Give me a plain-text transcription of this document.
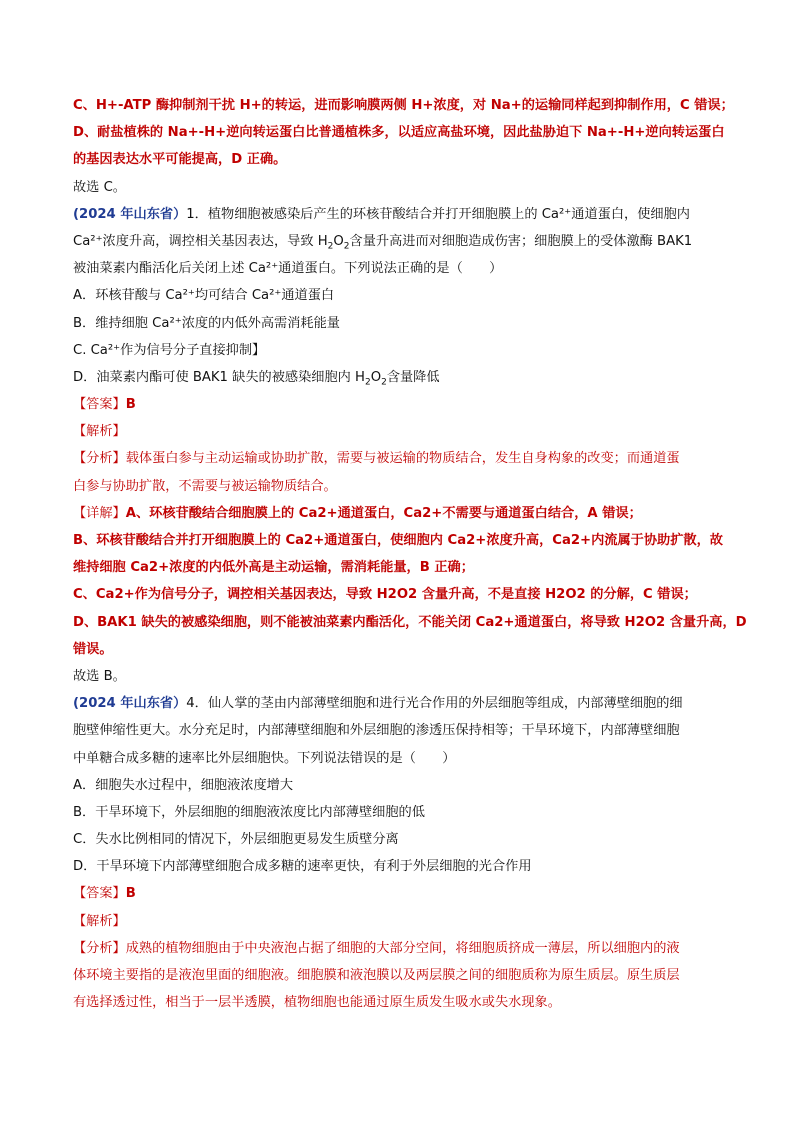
C、H+-ATP 酶抑制剂干扰 H+的转运，进而影响膜两侧 H+浓度，对 Na+的运输同样起到抑制作用，C 错误；
D、耐盐植株的 Na+-H+逆向转运蛋白比普通植株多，以适应高盐环境，因此盐胁迫下 Na+-H+逆向转运蛋白
的基因表达水平可能提高，D 正确。
故选 C。
(2024 年山东省）1．植物细胞被感染后产生的环核苷酸结合并打开细胞膜上的 Ca²⁺通道蛋白，使细胞内
Ca²⁺浓度升高，调控相关基因表达，导致 $H_2O_2$含量升高进而对细胞造成伤害；细胞膜上的受体激酶 BAK1
被油菜素内酯活化后关闭上述 Ca²⁺通道蛋白。下列说法正确的是（　　）
A．环核苷酸与 Ca²⁺均可结合 Ca²⁺通道蛋白
B．维持细胞 Ca²⁺浓度的内低外高需消耗能量
C. Ca²⁺作为信号分子直接抑制】
D．油菜素内酯可使 BAK1 缺失的被感染细胞内 $H_2O_2$含量降低
【答案】B
【解析】
【分析】载体蛋白参与主动运输或协助扩散，需要与被运输的物质结合，发生自身构象的改变；而通道蛋
白参与协助扩散，不需要与被运输物质结合。
【详解】A、环核苷酸结合细胞膜上的 Ca2+通道蛋白，Ca2+不需要与通道蛋白结合，A 错误；
B、环核苷酸结合并打开细胞膜上的 Ca2+通道蛋白，使细胞内 Ca2+浓度升高，Ca2+内流属于协助扩散，故
维持细胞 Ca2+浓度的内低外高是主动运输，需消耗能量，B 正确；
C、Ca2+作为信号分子，调控相关基因表达，导致 H2O2 含量升高，不是直接 H2O2 的分解，C 错误；
D、BAK1 缺失的被感染细胞，则不能被油菜素内酯活化，不能关闭 Ca2+通道蛋白，将导致 H2O2 含量升高，D
错误。
故选 B。
(2024 年山东省）4．仙人掌的茎由内部薄壁细胞和进行光合作用的外层细胞等组成，内部薄壁细胞的细
胞壁伸缩性更大。水分充足时，内部薄壁细胞和外层细胞的渗透压保持相等；干旱环境下，内部薄壁细胞
中单糖合成多糖的速率比外层细胞快。下列说法错误的是（　　）
A．细胞失水过程中，细胞液浓度增大
B．干旱环境下，外层细胞的细胞液浓度比内部薄壁细胞的低
C．失水比例相同的情况下，外层细胞更易发生质壁分离
D．干旱环境下内部薄壁细胞合成多糖的速率更快，有利于外层细胞的光合作用
【答案】B
【解析】
【分析】成熟的植物细胞由于中央液泡占据了细胞的大部分空间，将细胞质挤成一薄层，所以细胞内的液
体环境主要指的是液泡里面的细胞液。细胞膜和液泡膜以及两层膜之间的细胞质称为原生质层。原生质层
有选择透过性，相当于一层半透膜，植物细胞也能通过原生质发生吸水或失水现象。
